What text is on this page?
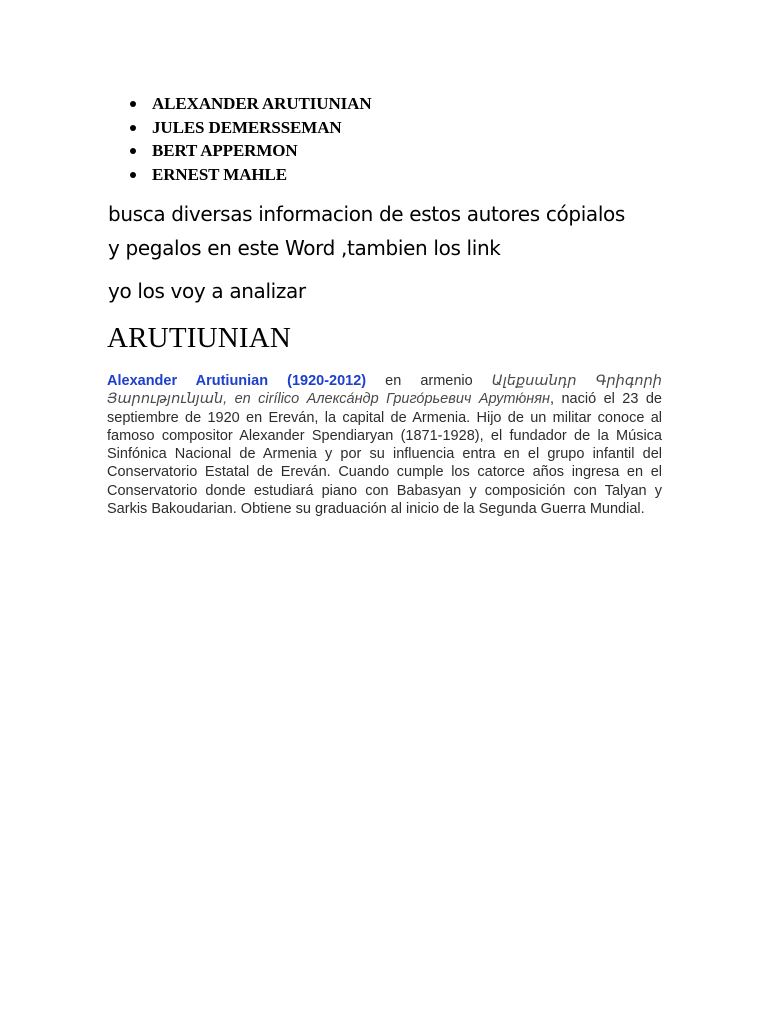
ALEXANDER ARUTIUNIAN
JULES DEMERSSEMAN
BERT APPERMON
ERNEST MAHLE
busca diversas informacion de estos autores cópialos
y pegalos en este Word ,tambien los link
yo los voy a analizar
ARUTIUNIAN

Alexander Arutiunian (1920-2012) en armenio Ալեքսանդր Գրիգորի Յարությունյան, en cirílico Алекса́ндр Григо́рьевич Арутю́нян, nació el 23 de septiembre de 1920 en Ereván, la capital de Armenia. Hijo de un militar conoce al famoso compositor Alexander Spendiaryan (1871-1928), el fundador de la Música Sinfónica Nacional de Armenia y por su influencia entra en el grupo infantil del Conservatorio Estatal de Ereván. Cuando cumple los catorce años ingresa en el Conservatorio donde estudiará piano con Babasyan y composición con Talyan y Sarkis Bakoudarian. Obtiene su graduación al inicio de la Segunda Guerra Mundial.
